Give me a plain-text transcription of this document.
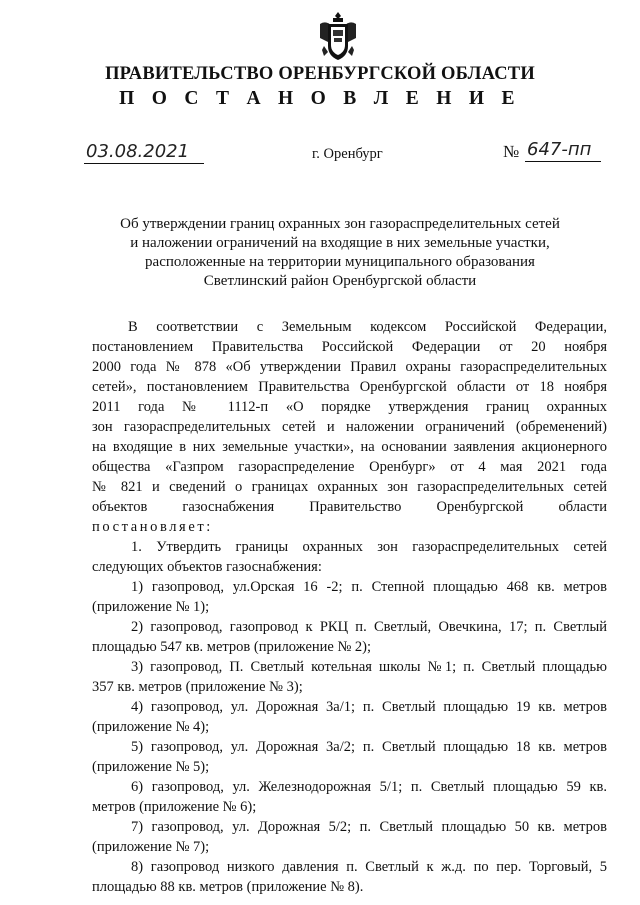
ПРАВИТЕЛЬСТВО ОРЕНБУРГСКОЙ ОБЛАСТИ
П О С Т А Н О В Л Е Н И Е
03.08.2021	г. Оренбург	№ 647-пп
Об утверждении границ охранных зон газораспределительных сетей
и наложении ограничений на входящие в них земельные участки,
расположенные на территории муниципального образования
Светлинский район Оренбургской области
В соответствии с Земельным кодексом Российской Федерации,
постановлением Правительства Российской Федерации от 20 ноября
2000 года № 878 «Об утверждении Правил охраны газораспределительных
сетей», постановлением Правительства Оренбургской области от 18 ноября
2011 года № 1112-п «О порядке утверждения границ охранных
зон газораспределительных сетей и наложении ограничений (обременений)
на входящие в них земельные участки», на основании заявления акционерного
общества «Газпром газораспределение Оренбург» от 4 мая 2021 года
№ 821 и сведений о границах охранных зон газораспределительных сетей
объектов газоснабжения Правительство Оренбургской области
постановляет:
1. Утвердить границы охранных зон газораспределительных сетей
следующих объектов газоснабжения:
1) газопровод, ул.Орская 16 -2; п. Степной площадью 468 кв. метров
(приложение № 1);
2) газопровод, газопровод к РКЦ п. Светлый, Овечкина, 17; п. Светлый
площадью 547 кв. метров (приложение № 2);
3) газопровод, П. Светлый котельная школы №1; п. Светлый площадью
357 кв. метров (приложение № 3);
4) газопровод, ул. Дорожная 3а/1; п. Светлый площадью 19 кв. метров
(приложение № 4);
5) газопровод, ул. Дорожная 3а/2; п. Светлый площадью 18 кв. метров
(приложение № 5);
6) газопровод, ул. Железнодорожная 5/1; п. Светлый площадью 59 кв.
метров (приложение № 6);
7) газопровод, ул. Дорожная 5/2; п. Светлый площадью 50 кв. метров
(приложение № 7);
8) газопровод низкого давления п. Светлый к ж.д. по пер. Торговый, 5
площадью 88 кв. метров (приложение № 8).
